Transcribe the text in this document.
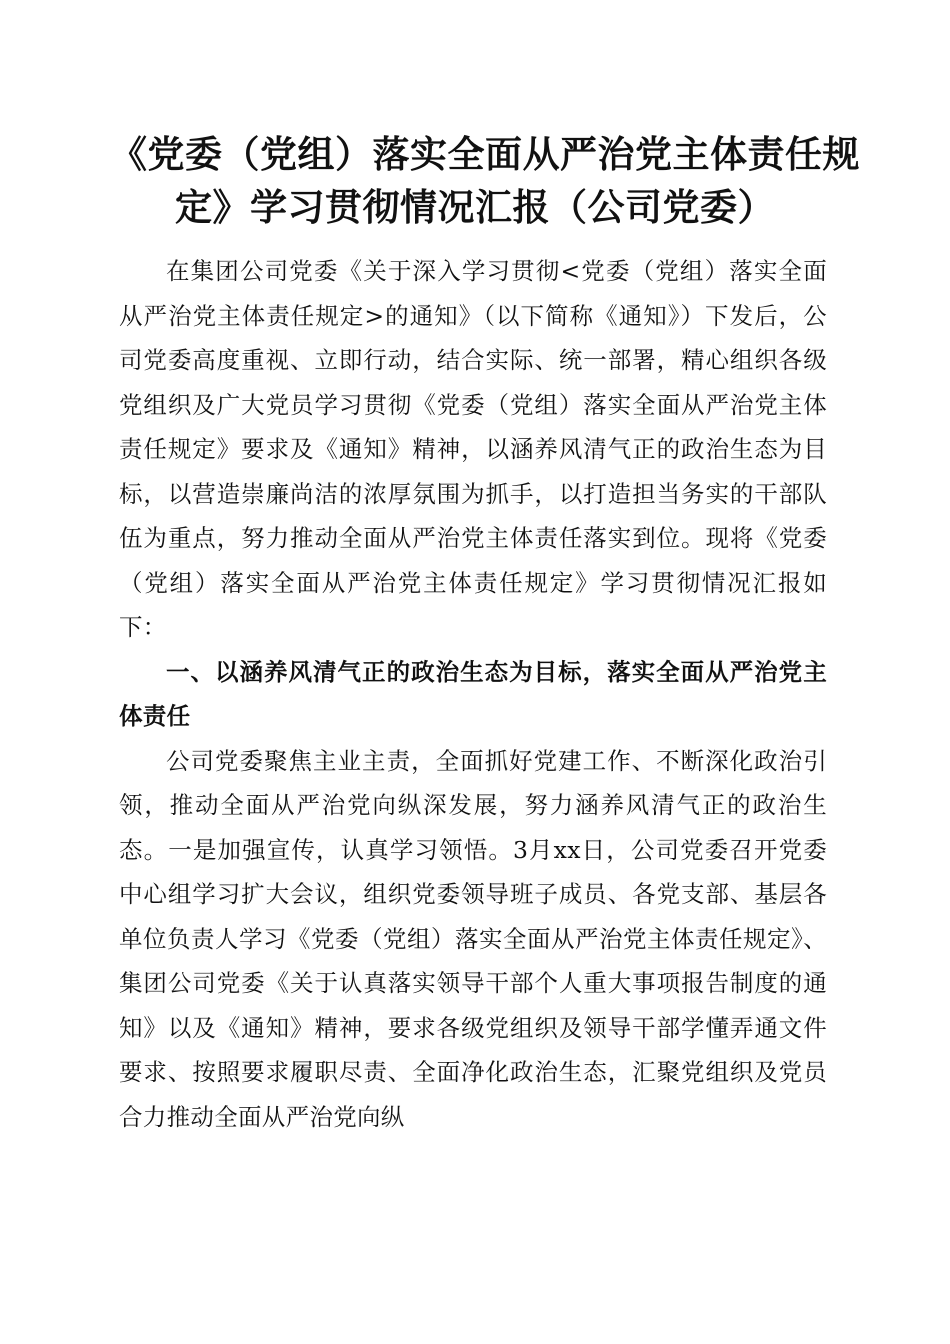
《党委（党组）落实全面从严治党主体责任规
定》学习贯彻情况汇报（公司党委）

在集团公司党委《关于深入学习贯彻<党委（党组）落实全面从严治党主体责任规定>的通知》（以下简称《通知》）下发后，公司党委高度重视、立即行动，结合实际、统一部署，精心组织各级党组织及广大党员学习贯彻《党委（党组）落实全面从严治党主体责任规定》要求及《通知》精神，以涵养风清气正的政治生态为目标，以营造崇廉尚洁的浓厚氛围为抓手，以打造担当务实的干部队伍为重点，努力推动全面从严治党主体责任落实到位。现将《党委（党组）落实全面从严治党主体责任规定》学习贯彻情况汇报如下：

一、以涵养风清气正的政治生态为目标，落实全面从严治党主体责任

公司党委聚焦主业主责，全面抓好党建工作、不断深化政治引领，推动全面从严治党向纵深发展，努力涵养风清气正的政治生态。一是加强宣传，认真学习领悟。3月xx日，公司党委召开党委中心组学习扩大会议，组织党委领导班子成员、各党支部、基层各单位负责人学习《党委（党组）落实全面从严治党主体责任规定》、集团公司党委《关于认真落实领导干部个人重大事项报告制度的通知》以及《通知》精神，要求各级党组织及领导干部学懂弄通文件要求、按照要求履职尽责、全面净化政治生态，汇聚党组织及党员合力推动全面从严治党向纵
